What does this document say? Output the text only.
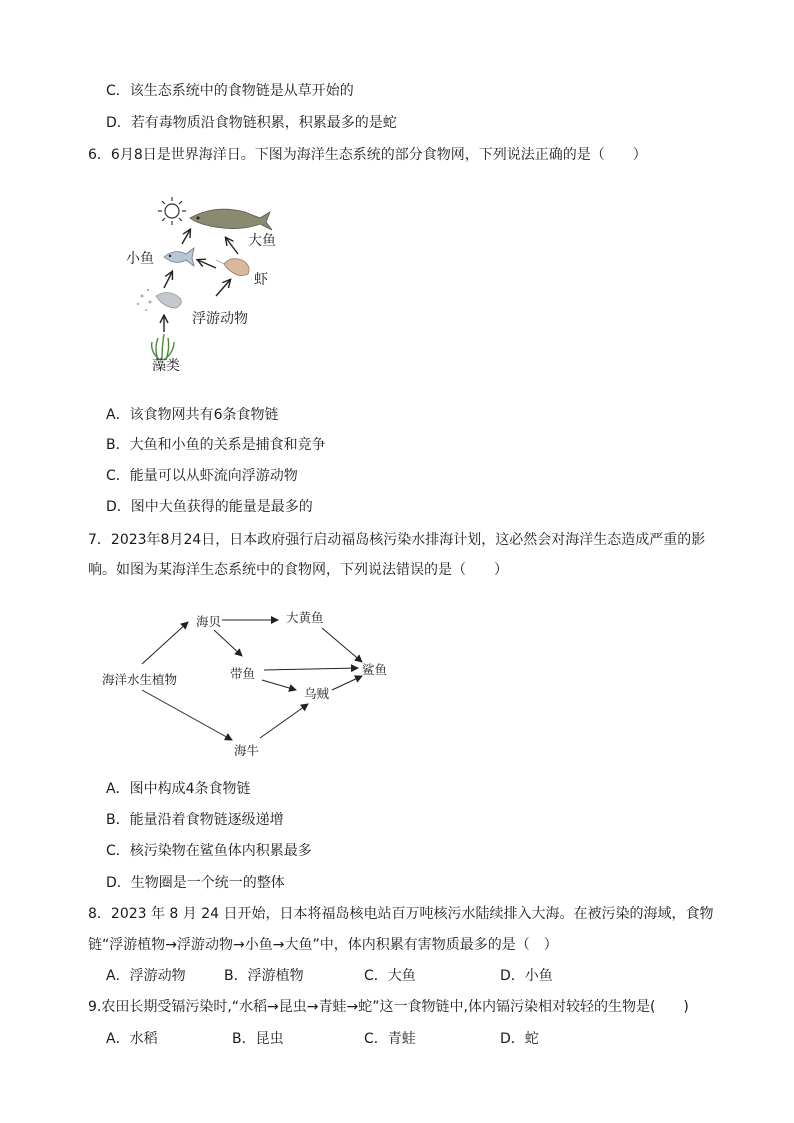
C．该生态系统中的食物链是从草开始的
D．若有毒物质沿食物链积累，积累最多的是蛇
6．6月8日是世界海洋日。下图为海洋生态系统的部分食物网，下列说法正确的是（　　）
大鱼
小鱼
虾
浮游动物
藻类
A．该食物网共有6条食物链
B．大鱼和小鱼的关系是捕食和竞争
C．能量可以从虾流向浮游动物
D．图中大鱼获得的能量是最多的
7．2023年8月24日，日本政府强行启动福岛核污染水排海计划，这必然会对海洋生态造成严重的影
响。如图为某海洋生态系统中的食物网，下列说法错误的是（　　）
海洋水生植物
海贝	大黄鱼
带鱼	鲨鱼
乌贼
海牛
A．图中构成4条食物链
B．能量沿着食物链逐级递增
C．核污染物在鲨鱼体内积累最多
D．生物圈是一个统一的整体
8．2023 年 8 月 24 日开始，日本将福岛核电站百万吨核污水陆续排入大海。在被污染的海域，食物
链“浮游植物→浮游动物→小鱼→大鱼”中，体内积累有害物质最多的是（　）
A．浮游动物	B．浮游植物	C．大鱼	D．小鱼
9.农田长期受镉污染时,“水稻→昆虫→青蛙→蛇”这一食物链中,体内镉污染相对较轻的生物是(　　)
A．水稻	B．昆虫	C．青蛙	D．蛇
